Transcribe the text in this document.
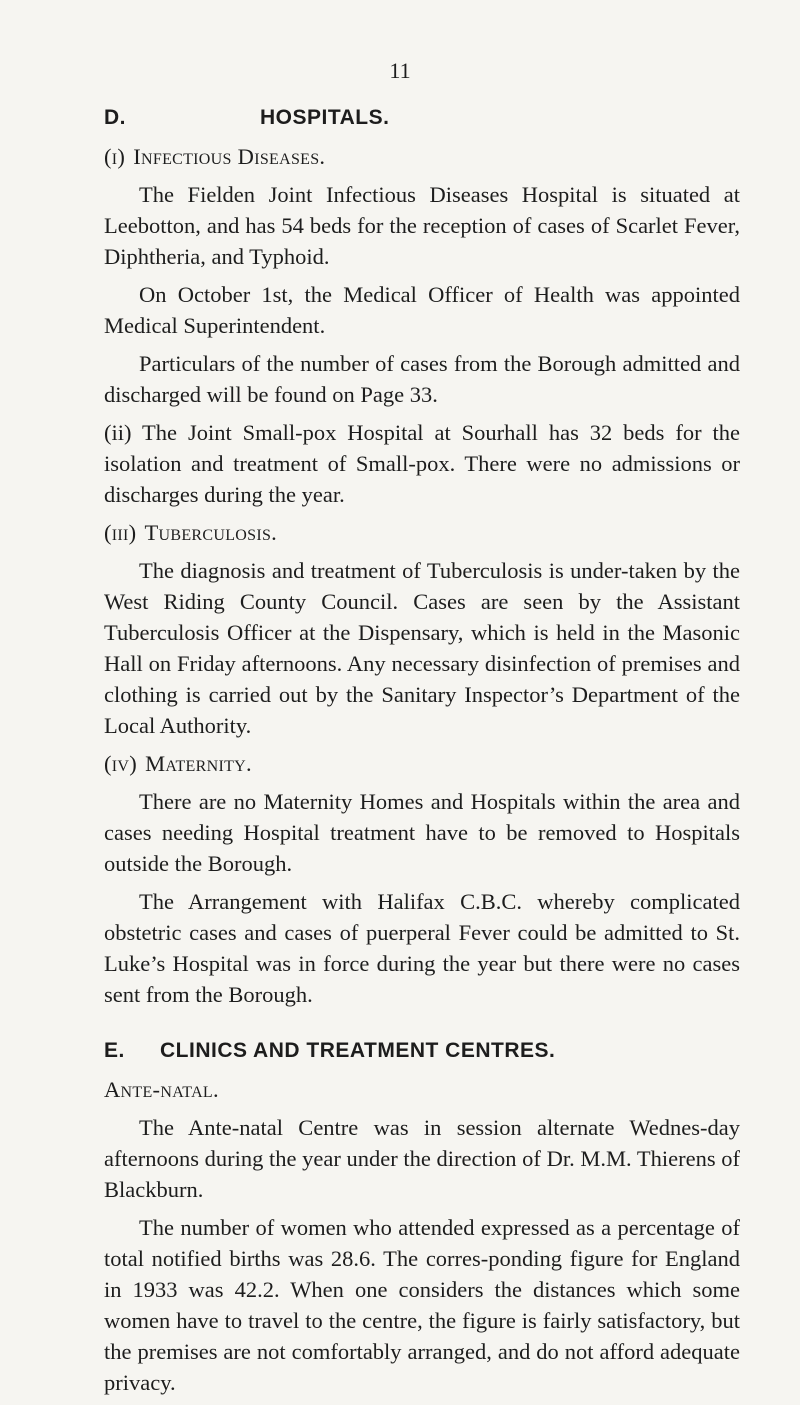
11
D.	HOSPITALS.
(i) Infectious Diseases.

The Fielden Joint Infectious Diseases Hospital is situated at Leebotton, and has 54 beds for the reception of cases of Scarlet Fever, Diphtheria, and Typhoid.

On October 1st, the Medical Officer of Health was appointed Medical Superintendent.

Particulars of the number of cases from the Borough admitted and discharged will be found on Page 33.

(ii) The Joint Small-pox Hospital at Sourhall has 32 beds for the isolation and treatment of Small-pox. There were no admissions or discharges during the year.

(iii) Tuberculosis.

The diagnosis and treatment of Tuberculosis is under-taken by the West Riding County Council. Cases are seen by the Assistant Tuberculosis Officer at the Dispensary, which is held in the Masonic Hall on Friday afternoons. Any necessary disinfection of premises and clothing is carried out by the Sanitary Inspector’s Department of the Local Authority.

(iv) Maternity.

There are no Maternity Homes and Hospitals within the area and cases needing Hospital treatment have to be removed to Hospitals outside the Borough.

The Arrangement with Halifax C.B.C. whereby complicated obstetric cases and cases of puerperal Fever could be admitted to St. Luke’s Hospital was in force during the year but there were no cases sent from the Borough.

E.	CLINICS AND TREATMENT CENTRES.
Ante-natal.

The Ante-natal Centre was in session alternate Wednes-day afternoons during the year under the direction of Dr. M.M. Thierens of Blackburn.

The number of women who attended expressed as a percentage of total notified births was 28.6. The corres-ponding figure for England in 1933 was 42.2. When one considers the distances which some women have to travel to the centre, the figure is fairly satisfactory, but the premises are not comfortably arranged, and do not afford adequate privacy.
